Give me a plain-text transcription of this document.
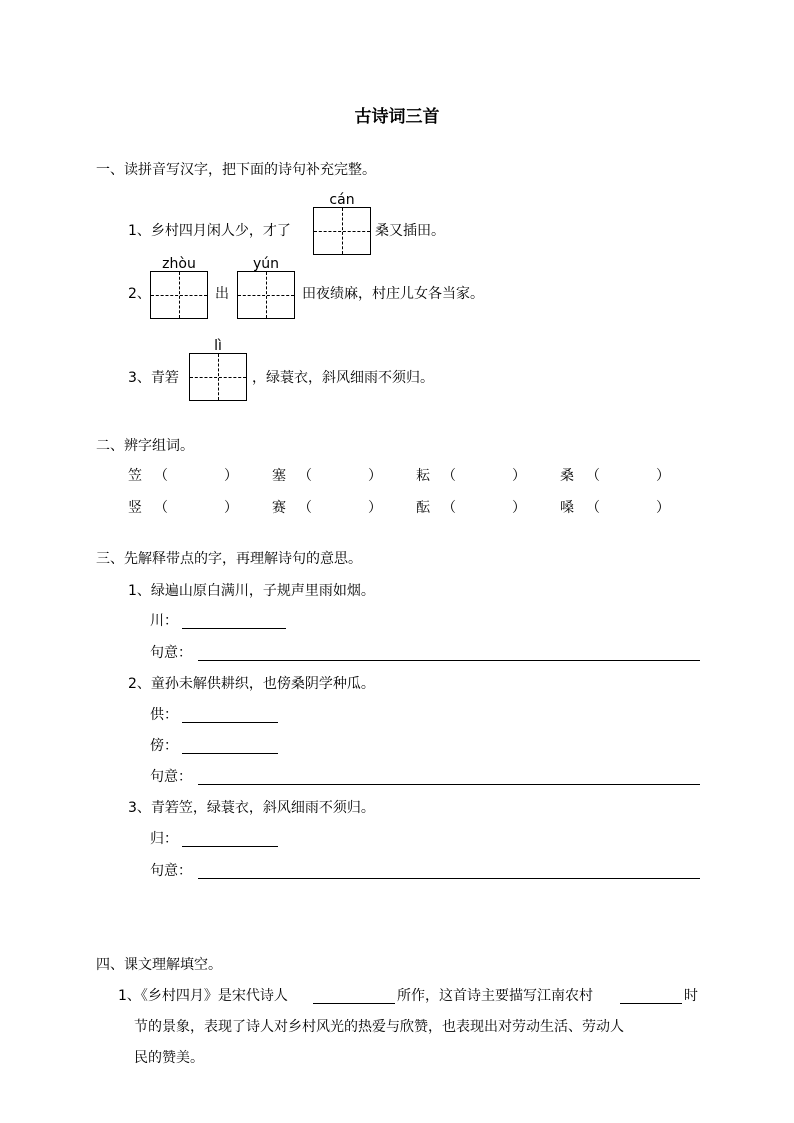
古诗词三首
一、读拼音写汉字，把下面的诗句补充完整。
1、乡村四月闲人少，才了
cán
桑又插田。
2、
zhòu
出
yún
田夜绩麻，村庄儿女各当家。
3、青箬
lì
，绿蓑衣，斜风细雨不须归。
二、辨字组词。
笠 （　　　　） 塞 （　　　　） 耘 （　　　　） 桑 （　　　　）
竖 （　　　　） 赛 （　　　　） 酝 （　　　　） 嗓 （　　　　）
三、先解释带点的字，再理解诗句的意思。
1、绿遍山原白满川，子规声里雨如烟。
川：
句意：
2、童孙未解供耕织，也傍桑阴学种瓜。
供：
傍：
句意：
3、青箬笠，绿蓑衣，斜风细雨不须归。
归：
句意：
四、课文理解填空。
1、《乡村四月》是宋代诗人	所作，这首诗主要描写江南农村	时
节的景象，表现了诗人对乡村风光的热爱与欣赞，也表现出对劳动生活、劳动人
民的赞美。
